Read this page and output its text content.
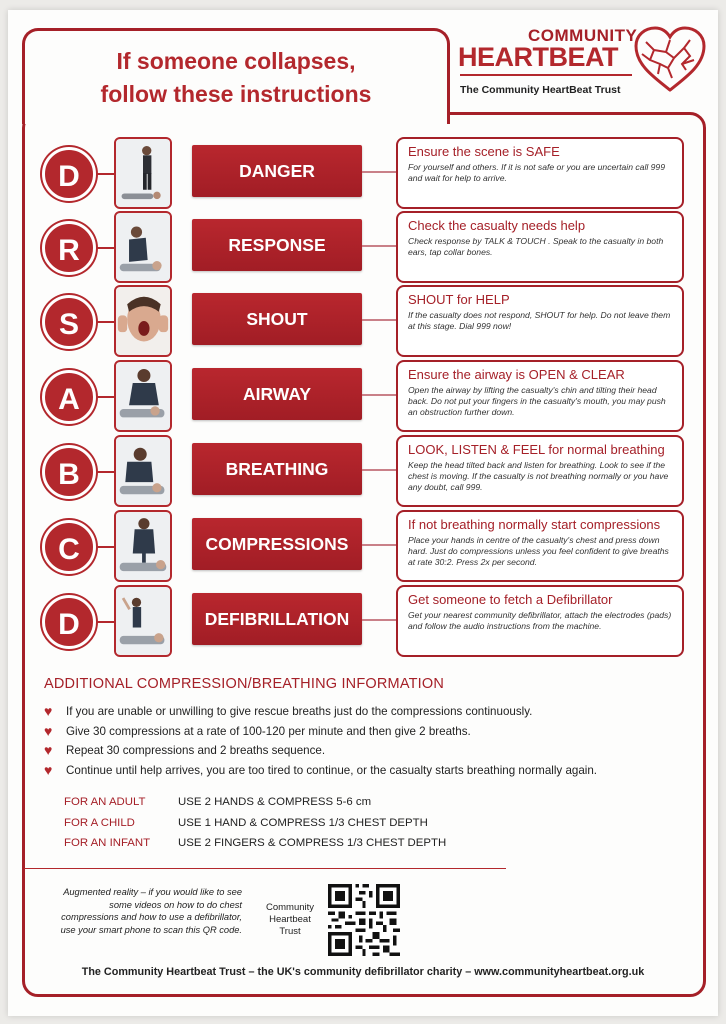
If someone collapses,
follow these instructions
COMMUNITY
HEARTBEAT
The Community HeartBeat Trust
D	DANGER
Ensure the scene is SAFE
For yourself and others. If it is not safe or you are uncertain call 999 and wait for help to arrive.
R	RESPONSE
Check the casualty needs help
Check response by TALK & TOUCH . Speak to the casualty in both ears, tap collar bones.
S	SHOUT
SHOUT for HELP
If the casualty does not respond, SHOUT for help. Do not leave them at this stage. Dial 999 now!
A	AIRWAY
Ensure the airway is OPEN & CLEAR
Open the airway by lifting the casualty's chin and tilting their head back. Do not put your fingers in the casualty's mouth, you may push an obstruction further down.
B	BREATHING
LOOK, LISTEN & FEEL for normal breathing
Keep the head tilted back and listen for breathing. Look to see if the chest is moving. If the casualty is not breathing normally or you have any doubt, call 999.
C	COMPRESSIONS
If not breathing normally start compressions
Place your hands in centre of the casualty's chest and press down hard. Just do compressions unless you feel confident to give breaths at rate 30:2. Press 2x per second.
D	DEFIBRILLATION
Get someone to fetch a Defibrillator
Get your nearest community defibrillator, attach the electrodes (pads) and follow the audio instructions from the machine.
ADDITIONAL COMPRESSION/BREATHING INFORMATION
♥ If you are unable or unwilling to give rescue breaths just do the compressions continuously.
♥ Give 30 compressions at a rate of 100-120 per minute and then give 2 breaths.
♥ Repeat 30 compressions and 2 breaths sequence.
♥ Continue until help arrives, you are too tired to continue, or the casualty starts breathing normally again.
FOR AN ADULT	USE 2 HANDS & COMPRESS 5-6 cm
FOR A CHILD	USE 1 HAND & COMPRESS 1/3 CHEST DEPTH
FOR AN INFANT	USE 2 FINGERS & COMPRESS 1/3 CHEST DEPTH
Augmented reality – if you would like to see some videos on how to do chest compressions and how to use a defibrillator, use your smart phone to scan this QR code.
Community Heartbeat Trust
The Community Heartbeat Trust – the UK's community defibrillator charity – www.communityheartbeat.org.uk
